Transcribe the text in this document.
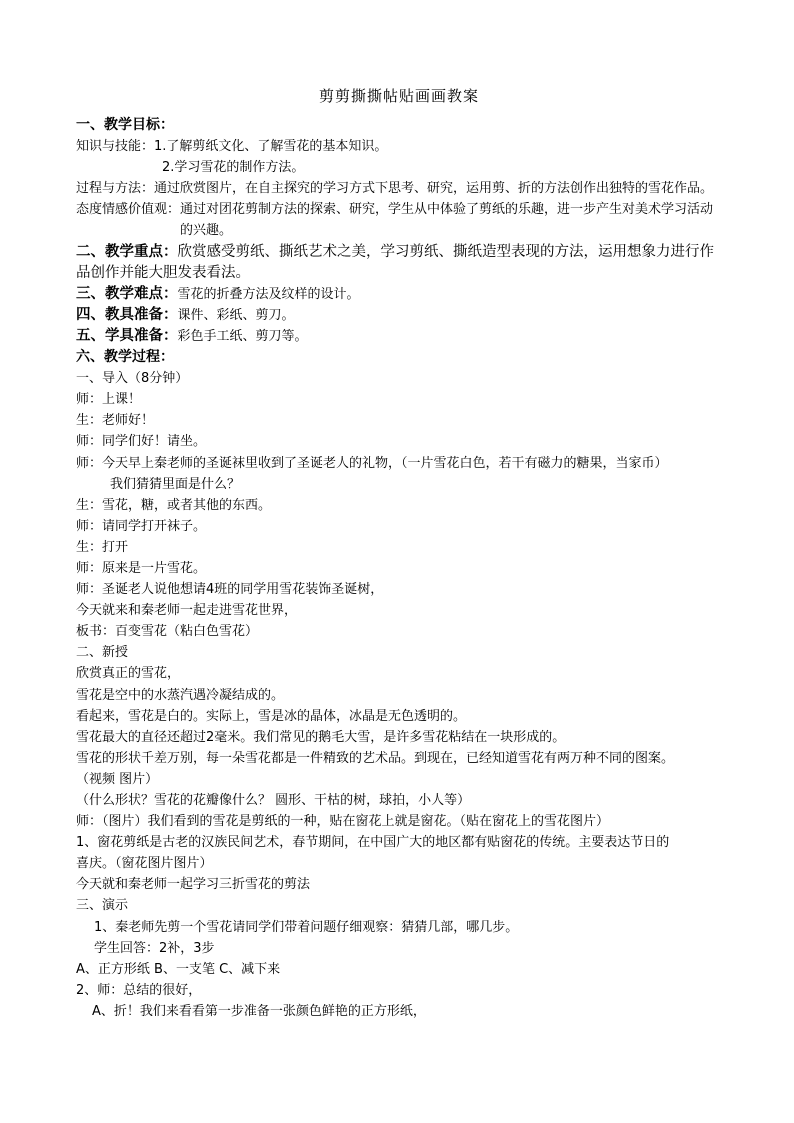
剪剪撕撕帖贴画画教案
一、教学目标：
知识与技能： 1.了解剪纸文化、了解雪花的基本知识。
2.学习雪花的制作方法。
过程与方法： 通过欣赏图片，在自主探究的学习方式下思考、研究，运用剪、折的方法创作出独特的雪花作品。
态度情感价值观： 通过对团花剪制方法的探索、研究，学生从中体验了剪纸的乐趣，进一步产生对美术学习活动的兴趣。
二、教学重点：欣赏感受剪纸、撕纸艺术之美，学习剪纸、撕纸造型表现的方法，运用想象力进行作品创作并能大胆发表看法。
三、教学难点：雪花的折叠方法及纹样的设计。
四、教具准备：课件、彩纸、剪刀。
五、学具准备：彩色手工纸、剪刀等。
六、教学过程：
一、导入（8分钟）
师：上课！
生：老师好！
师：同学们好！请坐。
师：今天早上秦老师的圣诞袜里收到了圣诞老人的礼物，（一片雪花白色，若干有磁力的糖果，当家币）
我们猜猜里面是什么？
生：雪花，糖，或者其他的东西。
师：请同学打开袜子。
生：打开
师：原来是一片雪花。
师：圣诞老人说他想请4班的同学用雪花装饰圣诞树，
今天就来和秦老师一起走进雪花世界，
板书：百变雪花（粘白色雪花）
二、新授
欣赏真正的雪花，
雪花是空中的水蒸汽遇冷凝结成的。
看起来，雪花是白的。实际上，雪是冰的晶体，冰晶是无色透明的。
雪花最大的直径还超过2毫米。我们常见的鹅毛大雪，是许多雪花粘结在一块形成的。
雪花的形状千差万别，每一朵雪花都是一件精致的艺术品。到现在，已经知道雪花有两万种不同的图案。
（视频 图片）
（什么形状？雪花的花瓣像什么？ 圆形、干枯的树，球拍，小人等）
师：（图片）我们看到的雪花是剪纸的一种，贴在窗花上就是窗花。（贴在窗花上的雪花图片）
1、窗花剪纸是古老的汉族民间艺术，春节期间，在中国广大的地区都有贴窗花的传统。主要表达节日的
喜庆。（窗花图片图片）
今天就和秦老师一起学习三折雪花的剪法
三、演示
1、秦老师先剪一个雪花请同学们带着问题仔细观察：猜猜几部，哪几步。
学生回答：2补，3步
A、正方形纸 B、一支笔 C、减下来
2、师：总结的很好，
A、折！我们来看看第一步准备一张颜色鲜艳的正方形纸，
